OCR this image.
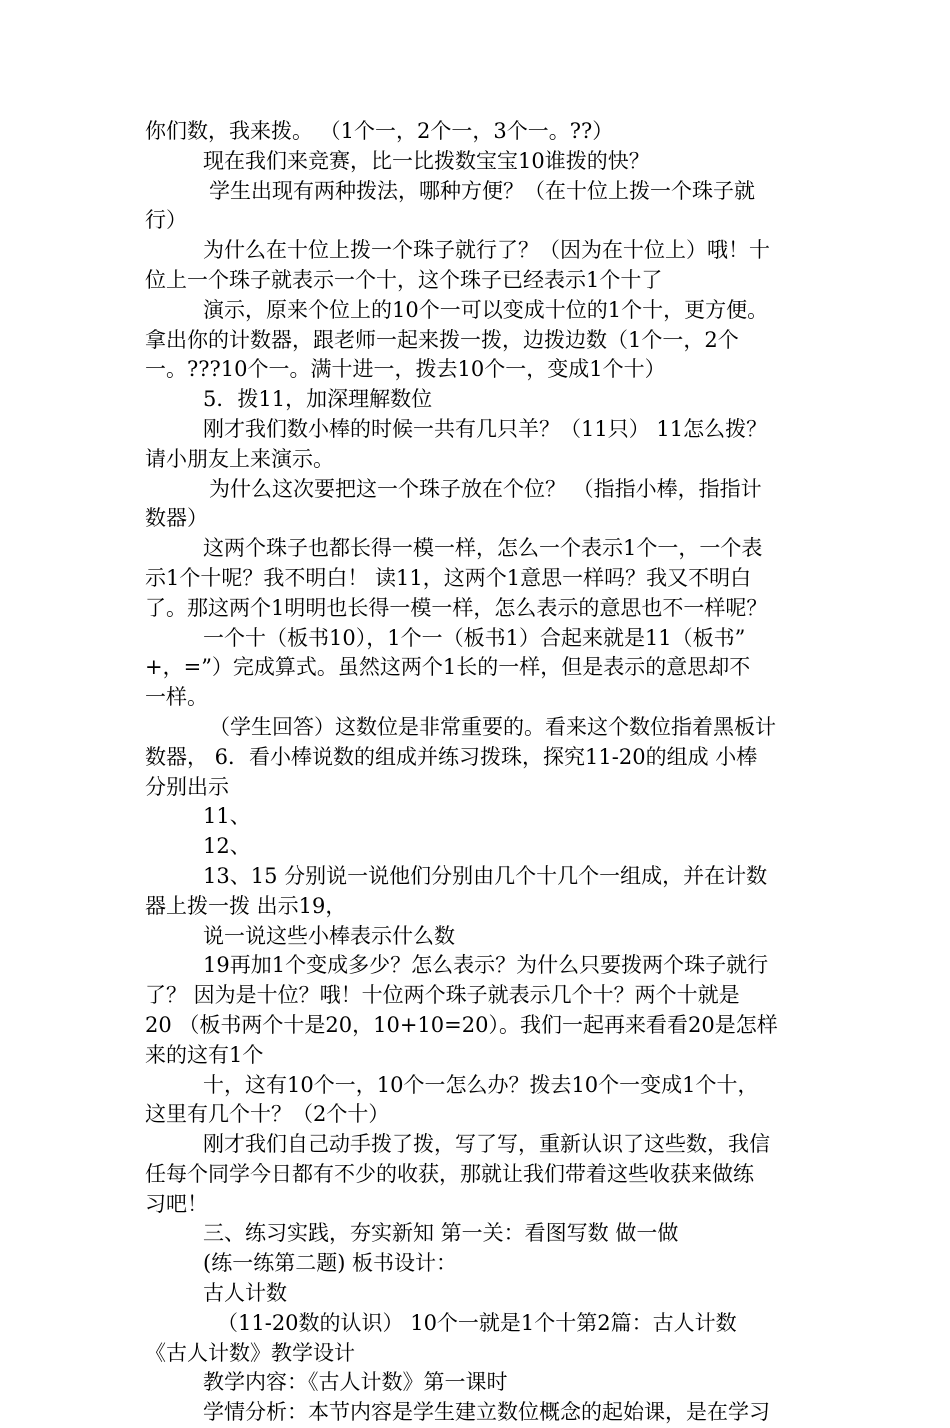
你们数，我来拨。 （1个一，2个一，3个一。??）
现在我们来竞赛，比一比拨数宝宝10谁拨的快？
学生出现有两种拨法，哪种方便？（在十位上拨一个珠子就
行）
为什么在十位上拨一个珠子就行了？（因为在十位上）哦！十
位上一个珠子就表示一个十，这个珠子已经表示1个十了
演示，原来个位上的10个一可以变成十位的1个十，更方便。
拿出你的计数器，跟老师一起来拨一拨，边拨边数（1个一，2个
一。???10个一。满十进一，拨去10个一，变成1个十）
5．拨11，加深理解数位
刚才我们数小棒的时候一共有几只羊？（11只） 11怎么拨？
请小朋友上来演示。
为什么这次要把这一个珠子放在个位？ （指指小棒，指指计
数器）
这两个珠子也都长得一模一样，怎么一个表示1个一，一个表
示1个十呢？我不明白！ 读11，这两个1意思一样吗？我又不明白
了。那这两个1明明也长得一模一样，怎么表示的意思也不一样呢？
一个十（板书10），1个一（板书1）合起来就是11（板书”
+，=”）完成算式。虽然这两个1长的一样，但是表示的意思却不
一样。
（学生回答）这数位是非常重要的。看来这个数位指着黑板计
数器， 6．看小棒说数的组成并练习拨珠，探究11-20的组成 小棒
分别出示
11、
12、
13、15 分别说一说他们分别由几个十几个一组成，并在计数
器上拨一拨 出示19，
说一说这些小棒表示什么数
19再加1个变成多少？怎么表示？为什么只要拨两个珠子就行
了？ 因为是十位？哦！十位两个珠子就表示几个十？两个十就是
20 （板书两个十是20，10+10=20）。我们一起再来看看20是怎样
来的这有1个
十，这有10个一，10个一怎么办？拨去10个一变成1个十，
这里有几个十？（2个十）
刚才我们自己动手拨了拨，写了写，重新认识了这些数，我信
任每个同学今日都有不少的收获，那就让我们带着这些收获来做练
习吧！
三、练习实践，夯实新知 第一关：看图写数 做一做
(练一练第二题) 板书设计：
古人计数
（11-20数的认识） 10个一就是1个十第2篇：古人计数
《古人计数》教学设计
教学内容：《古人计数》第一课时
学情分析：本节内容是学生建立数位概念的起始课，是在学习
